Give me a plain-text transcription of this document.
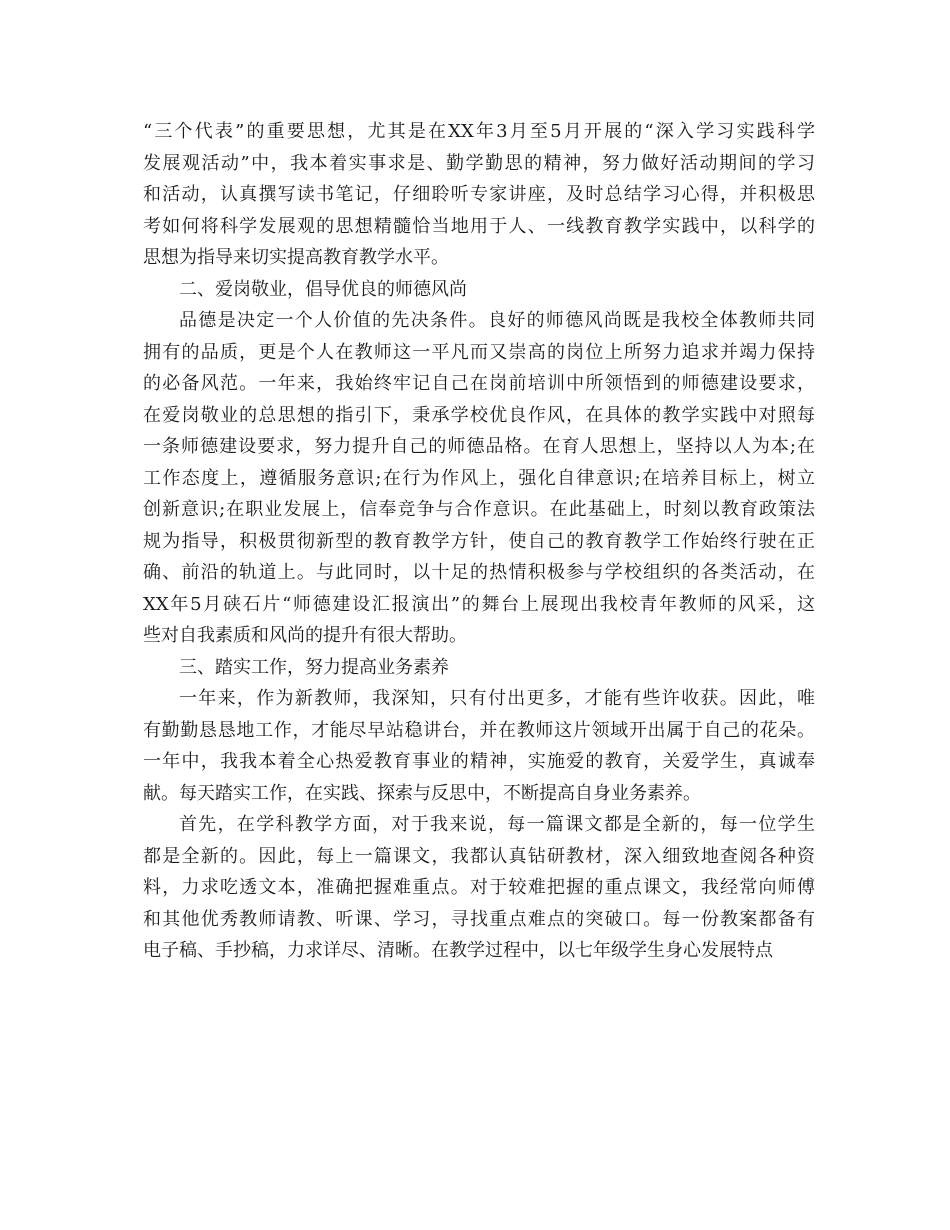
“三个代表”的重要思想，尤其是在XX年3月至5月开展的“深入学习实践科学
发展观活动”中，我本着实事求是、勤学勤思的精神，努力做好活动期间的学习
和活动，认真撰写读书笔记，仔细聆听专家讲座，及时总结学习心得，并积极思
考如何将科学发展观的思想精髓恰当地用于人、一线教育教学实践中，以科学的
思想为指导来切实提高教育教学水平。
二、爱岗敬业，倡导优良的师德风尚
品德是决定一个人价值的先决条件。良好的师德风尚既是我校全体教师共同
拥有的品质，更是个人在教师这一平凡而又崇高的岗位上所努力追求并竭力保持
的必备风范。一年来，我始终牢记自己在岗前培训中所领悟到的师德建设要求，
在爱岗敬业的总思想的指引下，秉承学校优良作风，在具体的教学实践中对照每
一条师德建设要求，努力提升自己的师德品格。在育人思想上，坚持以人为本;在
工作态度上，遵循服务意识;在行为作风上，强化自律意识;在培养目标上，树立
创新意识;在职业发展上，信奉竞争与合作意识。在此基础上，时刻以教育政策法
规为指导，积极贯彻新型的教育教学方针，使自己的教育教学工作始终行驶在正
确、前沿的轨道上。与此同时，以十足的热情积极参与学校组织的各类活动，在
XX年5月硖石片“师德建设汇报演出”的舞台上展现出我校青年教师的风采，这
些对自我素质和风尚的提升有很大帮助。
三、踏实工作，努力提高业务素养
一年来，作为新教师，我深知，只有付出更多，才能有些许收获。因此，唯
有勤勤恳恳地工作，才能尽早站稳讲台，并在教师这片领域开出属于自己的花朵。
一年中，我我本着全心热爱教育事业的精神，实施爱的教育，关爱学生，真诚奉
献。每天踏实工作，在实践、探索与反思中，不断提高自身业务素养。
首先，在学科教学方面，对于我来说，每一篇课文都是全新的，每一位学生
都是全新的。因此，每上一篇课文，我都认真钻研教材，深入细致地查阅各种资
料，力求吃透文本，准确把握难重点。对于较难把握的重点课文，我经常向师傅
和其他优秀教师请教、听课、学习，寻找重点难点的突破口。每一份教案都备有
电子稿、手抄稿，力求详尽、清晰。在教学过程中，以七年级学生身心发展特点
